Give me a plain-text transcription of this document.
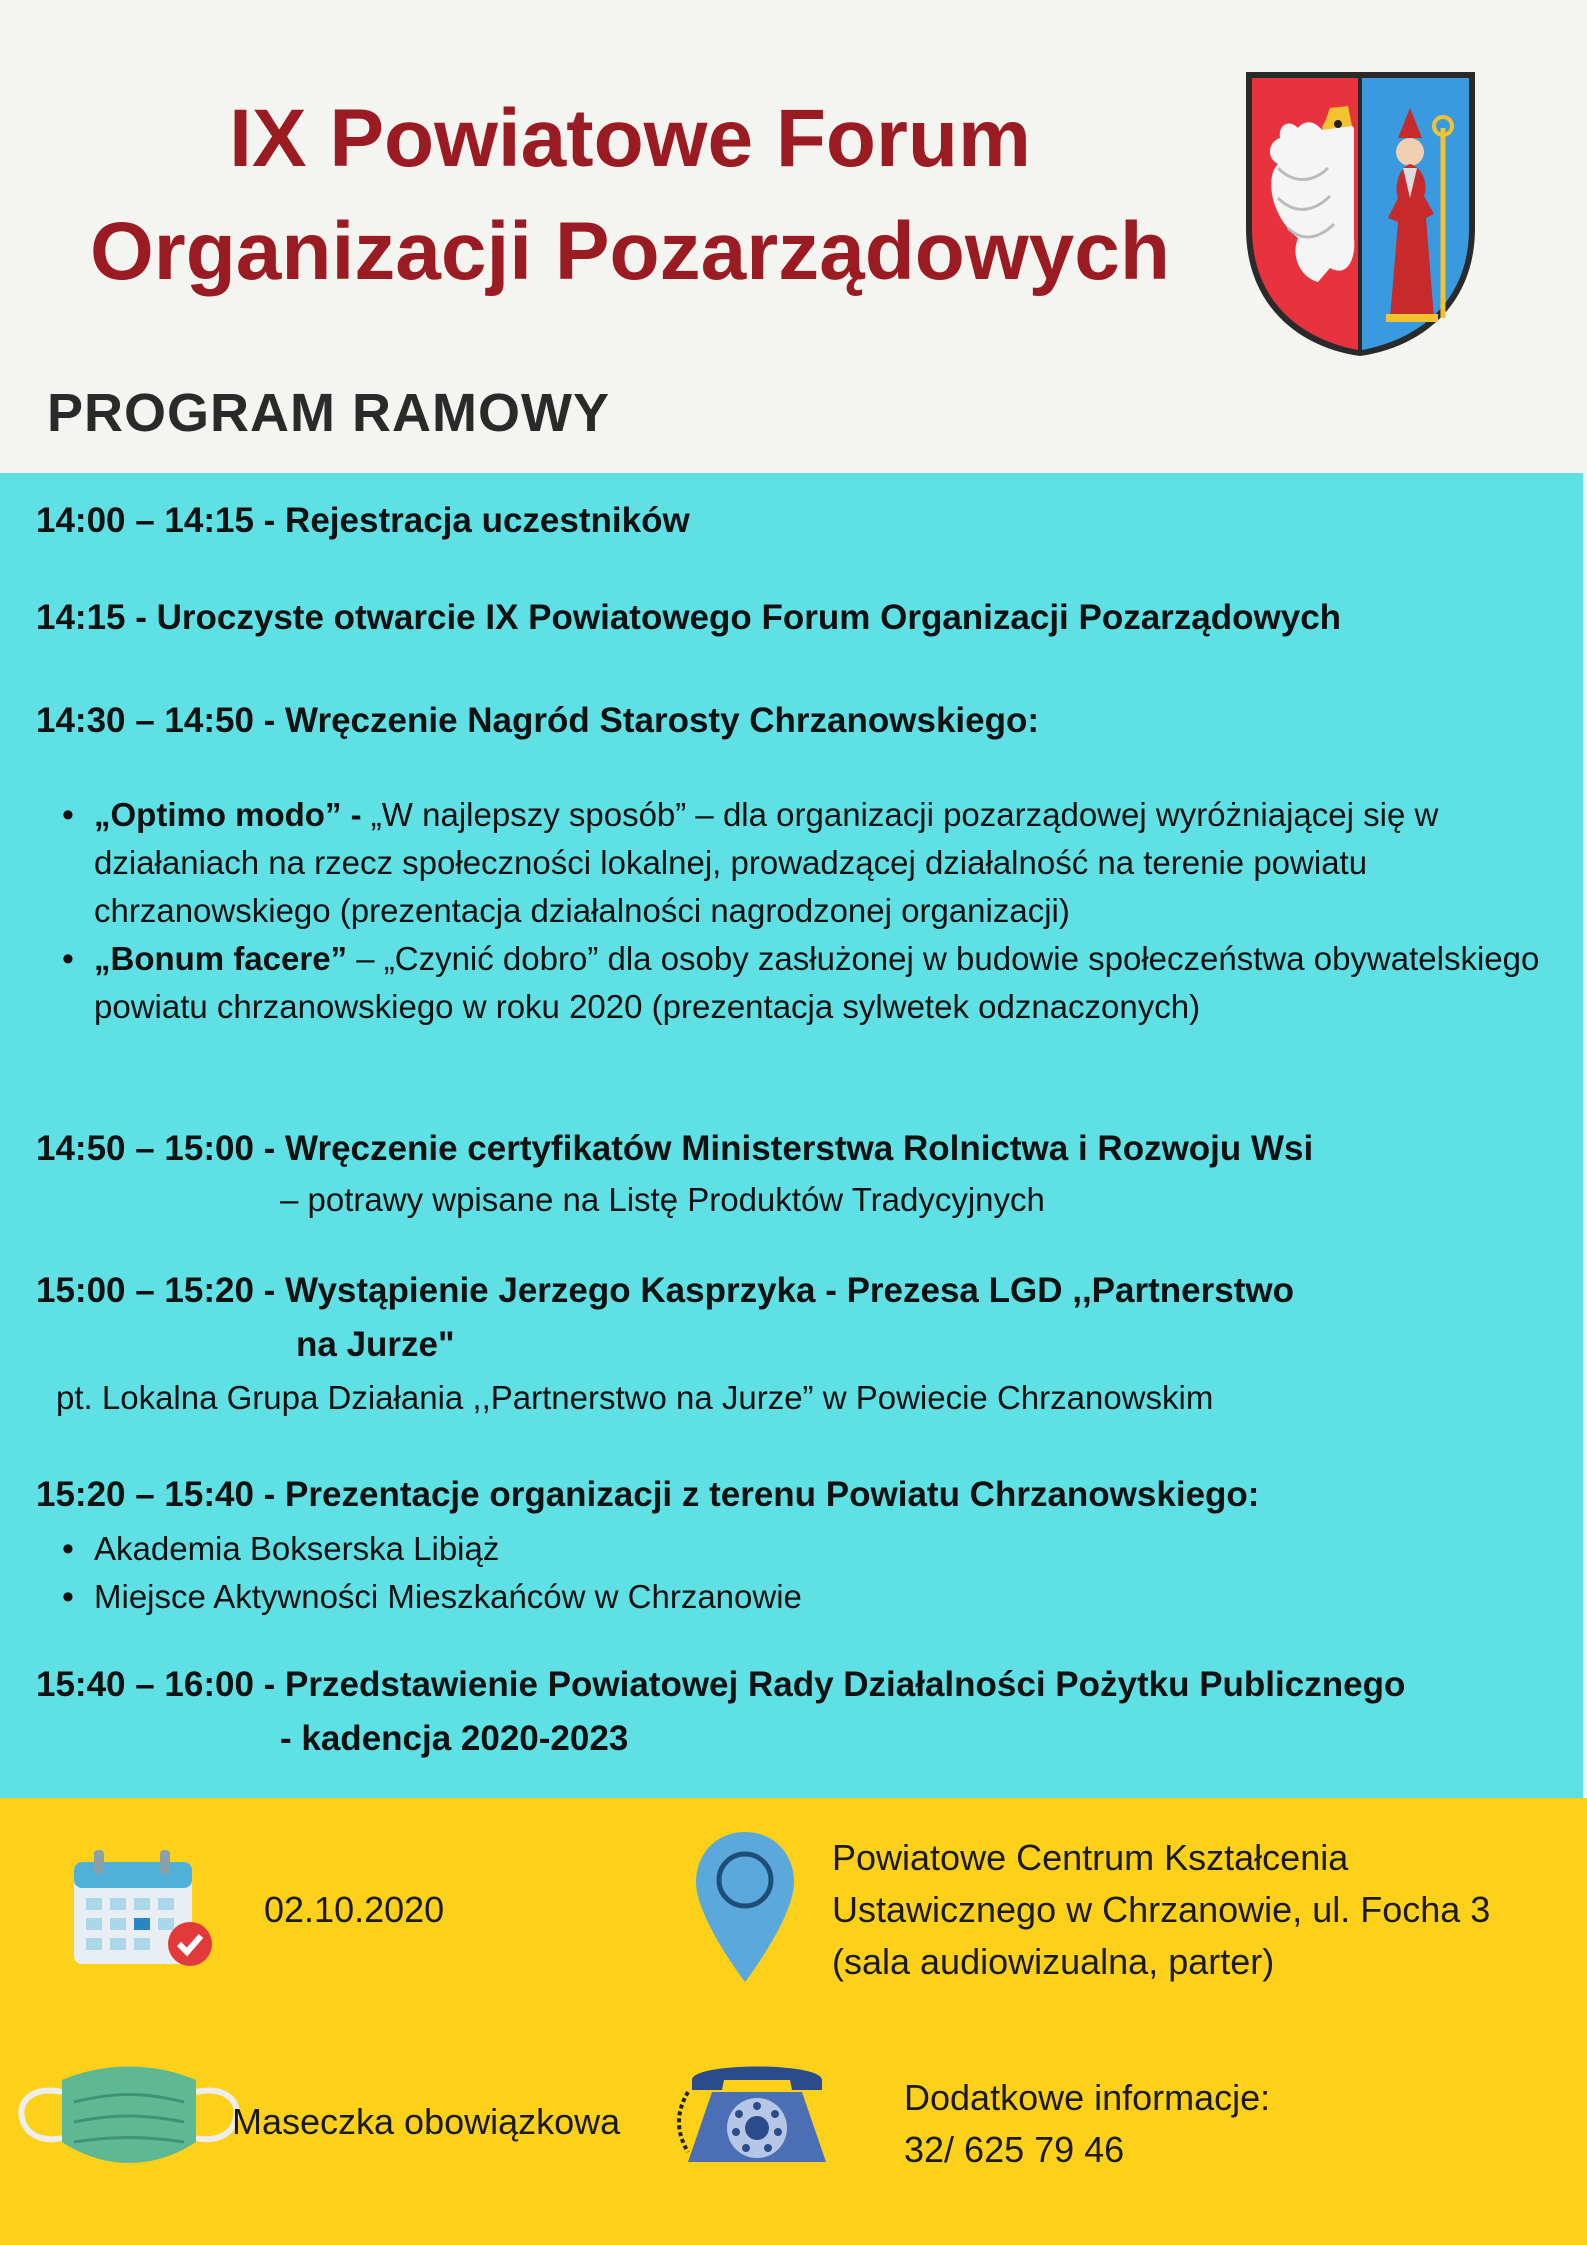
IX Powiatowe Forum
Organizacji Pozarządowych
PROGRAM RAMOWY
14:00 – 14:15 - Rejestracja uczestników
14:15 - Uroczyste otwarcie IX Powiatowego Forum Organizacji Pozarządowych
14:30 – 14:50 - Wręczenie Nagród Starosty Chrzanowskiego:
• „Optimo modo” - „W najlepszy sposób” – dla organizacji pozarządowej wyróżniającej się w działaniach na rzecz społeczności lokalnej, prowadzącej działalność na terenie powiatu chrzanowskiego (prezentacja działalności nagrodzonej organizacji)
• „Bonum facere” – „Czynić dobro” dla osoby zasłużonej w budowie społeczeństwa obywatelskiego powiatu chrzanowskiego w roku 2020 (prezentacja sylwetek odznaczonych)
14:50 – 15:00 - Wręczenie certyfikatów Ministerstwa Rolnictwa i Rozwoju Wsi
– potrawy wpisane na Listę Produktów Tradycyjnych
15:00 – 15:20 - Wystąpienie Jerzego Kasprzyka - Prezesa LGD ,,Partnerstwo
na Jurze"
pt. Lokalna Grupa Działania ,,Partnerstwo na Jurze” w Powiecie Chrzanowskim
15:20 – 15:40 - Prezentacje organizacji z terenu Powiatu Chrzanowskiego:
• Akademia Bokserska Libiąż
• Miejsce Aktywności Mieszkańców w Chrzanowie
15:40 – 16:00 - Przedstawienie Powiatowej Rady Działalności Pożytku Publicznego
- kadencja 2020-2023
02.10.2020
Powiatowe Centrum Kształcenia
Ustawicznego w Chrzanowie, ul. Focha 3
(sala audiowizualna, parter)
Maseczka obowiązkowa
Dodatkowe informacje:
32/ 625 79 46
